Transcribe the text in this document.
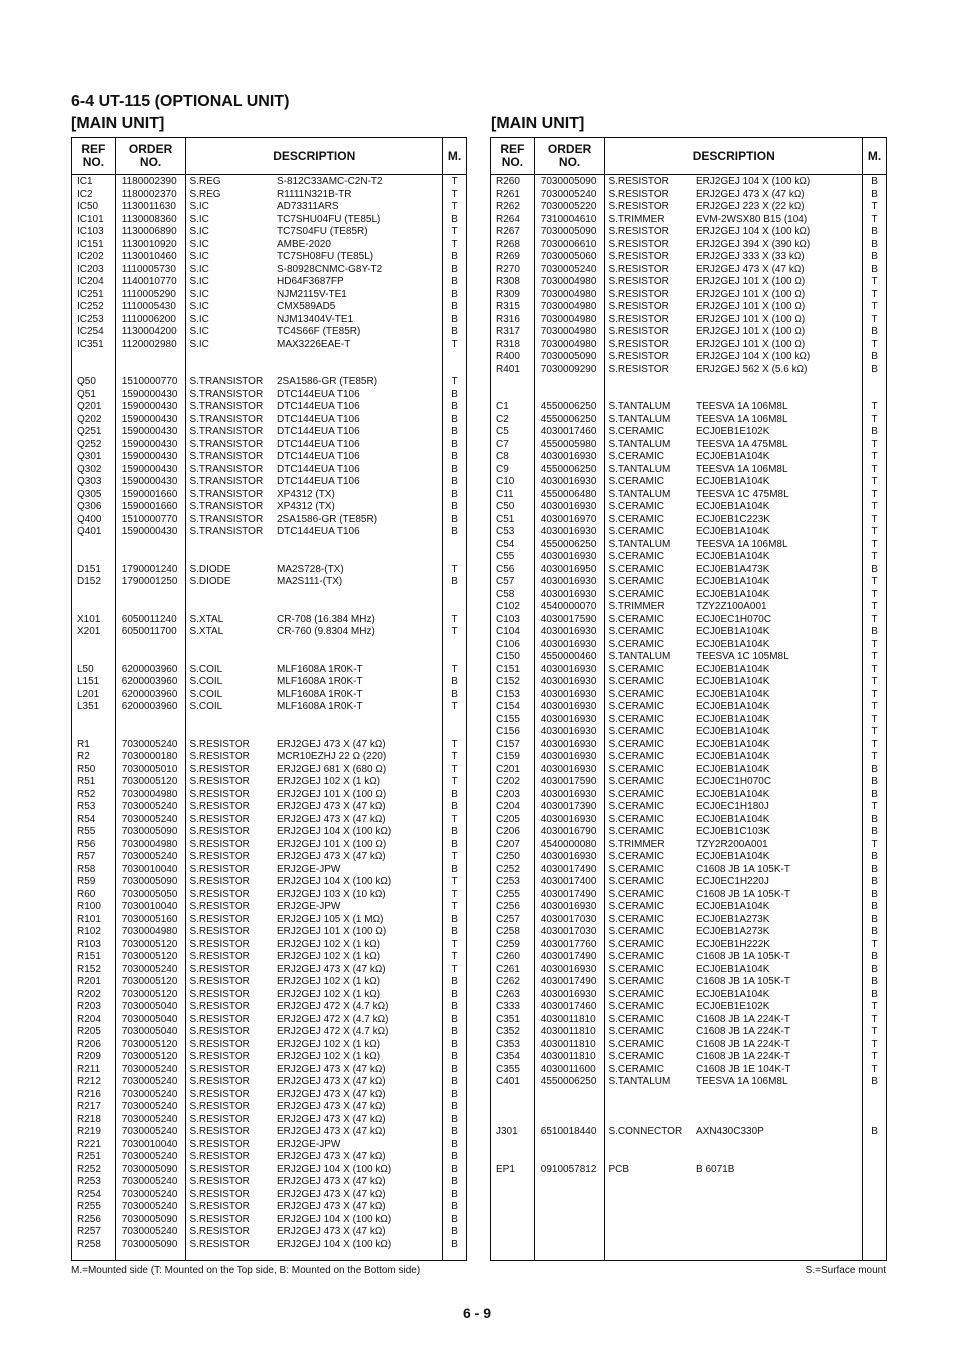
6-4 UT-115 (OPTIONAL UNIT)
[MAIN UNIT]	[MAIN UNIT]
REF
NO.
ORDER
NO.	DESCRIPTION	M.
IC1	1180002390	S.REG	S-812C33AMC-C2N-T2	T
IC2	1180002370	S.REG	R1111N321B-TR	T
IC50	1130011630	S.IC	AD73311ARS	T
IC101	1130008360	S.IC	TC7SHU04FU (TE85L)	B
IC103	1130006890	S.IC	TC7S04FU (TE85R)	T
IC151	1130010920	S.IC	AMBE-2020	T
IC202	1130010460	S.IC	TC7SH08FU (TE85L)	B
IC203	1110005730	S.IC	S-80928CNMC-G8Y-T2	B
IC204	1140010770	S.IC	HD64F3687FP	B
IC251	1110005290	S.IC	NJM2115V-TE1	B
IC252	1110005430	S.IC	CMX589AD5	B
IC253	1110006200	S.IC	NJM13404V-TE1	B
IC254	1130004200	S.IC	TC4S66F (TE85R)	B
IC351	1120002980	S.IC	MAX3226EAE-T	T
Q50	1510000770	S.TRANSISTOR	2SA1586-GR (TE85R)	T
Q51	1590000430	S.TRANSISTOR	DTC144EUA T106	B
Q201	1590000430	S.TRANSISTOR	DTC144EUA T106	B
Q202	1590000430	S.TRANSISTOR	DTC144EUA T106	B
Q251	1590000430	S.TRANSISTOR	DTC144EUA T106	B
Q252	1590000430	S.TRANSISTOR	DTC144EUA T106	B
Q301	1590000430	S.TRANSISTOR	DTC144EUA T106	B
Q302	1590000430	S.TRANSISTOR	DTC144EUA T106	B
Q303	1590000430	S.TRANSISTOR	DTC144EUA T106	B
Q305	1590001660	S.TRANSISTOR	XP4312 (TX)	B
Q306	1590001660	S.TRANSISTOR	XP4312 (TX)	B
Q400	1510000770	S.TRANSISTOR	2SA1586-GR (TE85R)	B
Q401	1590000430	S.TRANSISTOR	DTC144EUA T106	B
D151	1790001240	S.DIODE	MA2S728-(TX)	T
D152	1790001250	S.DIODE	MA2S111-(TX)	B
X101	6050011240	S.XTAL	CR-708 (16.384 MHz)	T
X201	6050011700	S.XTAL	CR-760 (9.8304 MHz)	T
L50	6200003960	S.COIL	MLF1608A 1R0K-T	T
L151	6200003960	S.COIL	MLF1608A 1R0K-T	B
L201	6200003960	S.COIL	MLF1608A 1R0K-T	B
L351	6200003960	S.COIL	MLF1608A 1R0K-T	T
R1	7030005240	S.RESISTOR	ERJ2GEJ 473 X (47 kΩ)	T
R2	7030000180	S.RESISTOR	MCR10EZHJ 22 Ω (220)	T
R50	7030005010	S.RESISTOR	ERJ2GEJ 681 X (680 Ω)	T
R51	7030005120	S.RESISTOR	ERJ2GEJ 102 X (1 kΩ)	T
R52	7030004980	S.RESISTOR	ERJ2GEJ 101 X (100 Ω)	B
R53	7030005240	S.RESISTOR	ERJ2GEJ 473 X (47 kΩ)	B
R54	7030005240	S.RESISTOR	ERJ2GEJ 473 X (47 kΩ)	T
R55	7030005090	S.RESISTOR	ERJ2GEJ 104 X (100 kΩ)	B
R56	7030004980	S.RESISTOR	ERJ2GEJ 101 X (100 Ω)	B
R57	7030005240	S.RESISTOR	ERJ2GEJ 473 X (47 kΩ)	T
R58	7030010040	S.RESISTOR	ERJ2GE-JPW	B
R59	7030005090	S.RESISTOR	ERJ2GEJ 104 X (100 kΩ)	T
R60	7030005050	S.RESISTOR	ERJ2GEJ 103 X (10 kΩ)	T
R100	7030010040	S.RESISTOR	ERJ2GE-JPW	T
R101	7030005160	S.RESISTOR	ERJ2GEJ 105 X (1 MΩ)	B
R102	7030004980	S.RESISTOR	ERJ2GEJ 101 X (100 Ω)	B
R103	7030005120	S.RESISTOR	ERJ2GEJ 102 X (1 kΩ)	T
R151	7030005120	S.RESISTOR	ERJ2GEJ 102 X (1 kΩ)	T
R152	7030005240	S.RESISTOR	ERJ2GEJ 473 X (47 kΩ)	T
R201	7030005120	S.RESISTOR	ERJ2GEJ 102 X (1 kΩ)	B
R202	7030005120	S.RESISTOR	ERJ2GEJ 102 X (1 kΩ)	B
R203	7030005040	S.RESISTOR	ERJ2GEJ 472 X (4.7 kΩ)	B
R204	7030005040	S.RESISTOR	ERJ2GEJ 472 X (4.7 kΩ)	B
R205	7030005040	S.RESISTOR	ERJ2GEJ 472 X (4.7 kΩ)	B
R206	7030005120	S.RESISTOR	ERJ2GEJ 102 X (1 kΩ)	B
R209	7030005120	S.RESISTOR	ERJ2GEJ 102 X (1 kΩ)	B
R211	7030005240	S.RESISTOR	ERJ2GEJ 473 X (47 kΩ)	B
R212	7030005240	S.RESISTOR	ERJ2GEJ 473 X (47 kΩ)	B
R216	7030005240	S.RESISTOR	ERJ2GEJ 473 X (47 kΩ)	B
R217	7030005240	S.RESISTOR	ERJ2GEJ 473 X (47 kΩ)	B
R218	7030005240	S.RESISTOR	ERJ2GEJ 473 X (47 kΩ)	B
R219	7030005240	S.RESISTOR	ERJ2GEJ 473 X (47 kΩ)	B
R221	7030010040	S.RESISTOR	ERJ2GE-JPW	B
R251	7030005240	S.RESISTOR	ERJ2GEJ 473 X (47 kΩ)	B
R252	7030005090	S.RESISTOR	ERJ2GEJ 104 X (100 kΩ)	B
R253	7030005240	S.RESISTOR	ERJ2GEJ 473 X (47 kΩ)	B
R254	7030005240	S.RESISTOR	ERJ2GEJ 473 X (47 kΩ)	B
R255	7030005240	S.RESISTOR	ERJ2GEJ 473 X (47 kΩ)	B
R256	7030005090	S.RESISTOR	ERJ2GEJ 104 X (100 kΩ)	B
R257	7030005240	S.RESISTOR	ERJ2GEJ 473 X (47 kΩ)	B
R258	7030005090	S.RESISTOR	ERJ2GEJ 104 X (100 kΩ)	B
REF
NO.
ORDER
NO.	DESCRIPTION	M.
R260	7030005090	S.RESISTOR	ERJ2GEJ 104 X (100 kΩ)	B
R261	7030005240	S.RESISTOR	ERJ2GEJ 473 X (47 kΩ)	B
R262	7030005220	S.RESISTOR	ERJ2GEJ 223 X (22 kΩ)	T
R264	7310004610	S.TRIMMER	EVM-2WSX80 B15 (104)	T
R267	7030005090	S.RESISTOR	ERJ2GEJ 104 X (100 kΩ)	B
R268	7030006610	S.RESISTOR	ERJ2GEJ 394 X (390 kΩ)	B
R269	7030005060	S.RESISTOR	ERJ2GEJ 333 X (33 kΩ)	B
R270	7030005240	S.RESISTOR	ERJ2GEJ 473 X (47 kΩ)	B
R308	7030004980	S.RESISTOR	ERJ2GEJ 101 X (100 Ω)	T
R309	7030004980	S.RESISTOR	ERJ2GEJ 101 X (100 Ω)	T
R315	7030004980	S.RESISTOR	ERJ2GEJ 101 X (100 Ω)	T
R316	7030004980	S.RESISTOR	ERJ2GEJ 101 X (100 Ω)	T
R317	7030004980	S.RESISTOR	ERJ2GEJ 101 X (100 Ω)	B
R318	7030004980	S.RESISTOR	ERJ2GEJ 101 X (100 Ω)	T
R400	7030005090	S.RESISTOR	ERJ2GEJ 104 X (100 kΩ)	B
R401	7030009290	S.RESISTOR	ERJ2GEJ 562 X (5.6 kΩ)	B
C1	4550006250	S.TANTALUM	TEESVA 1A 106M8L	T
C2	4550006250	S.TANTALUM	TEESVA 1A 106M8L	T
C5	4030017460	S.CERAMIC	ECJ0EB1E102K	B
C7	4550005980	S.TANTALUM	TEESVA 1A 475M8L	T
C8	4030016930	S.CERAMIC	ECJ0EB1A104K	T
C9	4550006250	S.TANTALUM	TEESVA 1A 106M8L	T
C10	4030016930	S.CERAMIC	ECJ0EB1A104K	T
C11	4550006480	S.TANTALUM	TEESVA 1C 475M8L	T
C50	4030016930	S.CERAMIC	ECJ0EB1A104K	T
C51	4030016970	S.CERAMIC	ECJ0EB1C223K	T
C53	4030016930	S.CERAMIC	ECJ0EB1A104K	T
C54	4550006250	S.TANTALUM	TEESVA 1A 106M8L	T
C55	4030016930	S.CERAMIC	ECJ0EB1A104K	T
C56	4030016950	S.CERAMIC	ECJ0EB1A473K	B
C57	4030016930	S.CERAMIC	ECJ0EB1A104K	T
C58	4030016930	S.CERAMIC	ECJ0EB1A104K	T
C102	4540000070	S.TRIMMER	TZY2Z100A001	T
C103	4030017590	S.CERAMIC	ECJ0EC1H070C	T
C104	4030016930	S.CERAMIC	ECJ0EB1A104K	B
C106	4030016930	S.CERAMIC	ECJ0EB1A104K	T
C150	4550000460	S.TANTALUM	TEESVA 1C 105M8L	T
C151	4030016930	S.CERAMIC	ECJ0EB1A104K	T
C152	4030016930	S.CERAMIC	ECJ0EB1A104K	T
C153	4030016930	S.CERAMIC	ECJ0EB1A104K	T
C154	4030016930	S.CERAMIC	ECJ0EB1A104K	T
C155	4030016930	S.CERAMIC	ECJ0EB1A104K	T
C156	4030016930	S.CERAMIC	ECJ0EB1A104K	T
C157	4030016930	S.CERAMIC	ECJ0EB1A104K	T
C159	4030016930	S.CERAMIC	ECJ0EB1A104K	T
C201	4030016930	S.CERAMIC	ECJ0EB1A104K	B
C202	4030017590	S.CERAMIC	ECJ0EC1H070C	B
C203	4030016930	S.CERAMIC	ECJ0EB1A104K	B
C204	4030017390	S.CERAMIC	ECJ0EC1H180J	T
C205	4030016930	S.CERAMIC	ECJ0EB1A104K	B
C206	4030016790	S.CERAMIC	ECJ0EB1C103K	B
C207	4540000080	S.TRIMMER	TZY2R200A001	T
C250	4030016930	S.CERAMIC	ECJ0EB1A104K	B
C252	4030017490	S.CERAMIC	C1608 JB 1A 105K-T	B
C253	4030017400	S.CERAMIC	ECJ0EC1H220J	B
C255	4030017490	S.CERAMIC	C1608 JB 1A 105K-T	B
C256	4030016930	S.CERAMIC	ECJ0EB1A104K	B
C257	4030017030	S.CERAMIC	ECJ0EB1A273K	B
C258	4030017030	S.CERAMIC	ECJ0EB1A273K	B
C259	4030017760	S.CERAMIC	ECJ0EB1H222K	T
C260	4030017490	S.CERAMIC	C1608 JB 1A 105K-T	B
C261	4030016930	S.CERAMIC	ECJ0EB1A104K	B
C262	4030017490	S.CERAMIC	C1608 JB 1A 105K-T	B
C263	4030016930	S.CERAMIC	ECJ0EB1A104K	B
C333	4030017460	S.CERAMIC	ECJ0EB1E102K	T
C351	4030011810	S.CERAMIC	C1608 JB 1A 224K-T	T
C352	4030011810	S.CERAMIC	C1608 JB 1A 224K-T	T
C353	4030011810	S.CERAMIC	C1608 JB 1A 224K-T	T
C354	4030011810	S.CERAMIC	C1608 JB 1A 224K-T	T
C355	4030011600	S.CERAMIC	C1608 JB 1E 104K-T	T
C401	4550006250	S.TANTALUM	TEESVA 1A 106M8L	B
J301	6510018440	S.CONNECTOR	AXN430C330P	B
EP1	0910057812	PCB	B 6071B
M.=Mounted side (T: Mounted on the Top side, B: Mounted on the Bottom side)	S.=Surface mount
6 - 9
